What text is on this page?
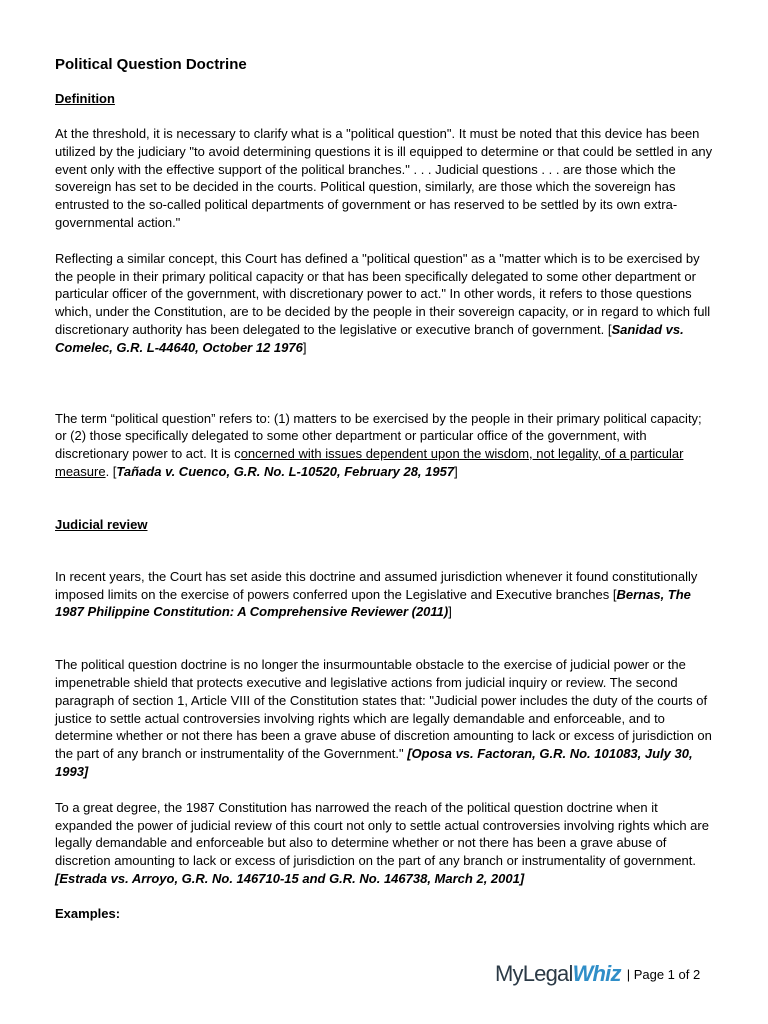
Political Question Doctrine
Definition

At the threshold, it is necessary to clarify what is a "political question". It must be noted that this device has been utilized by the judiciary "to avoid determining questions it is ill equipped to determine or that could be settled in any event only with the effective support of the political branches." . . . Judicial questions . . . are those which the sovereign has set to be decided in the courts. Political question, similarly, are those which the sovereign has entrusted to the so-called political departments of government or has reserved to be settled by its own extra-governmental action."

Reflecting a similar concept, this Court has defined a "political question" as a "matter which is to be exercised by the people in their primary political capacity or that has been specifically delegated to some other department or particular officer of the government, with discretionary power to act." In other words, it refers to those questions which, under the Constitution, are to be decided by the people in their sovereign capacity, or in regard to which full discretionary authority has been delegated to the legislative or executive branch of government. [Sanidad vs. Comelec, G.R. L-44640, October 12 1976]

The term “political question” refers to: (1) matters to be exercised by the people in their primary political capacity; or (2) those specifically delegated to some other department or particular office of the government, with discretionary power to act. It is concerned with issues dependent upon the wisdom, not legality, of a particular measure. [Tañada v. Cuenco, G.R. No. L-10520, February 28, 1957]

Judicial review

In recent years, the Court has set aside this doctrine and assumed jurisdiction whenever it found constitutionally imposed limits on the exercise of powers conferred upon the Legislative and Executive branches [Bernas, The 1987 Philippine Constitution: A Comprehensive Reviewer (2011)]

The political question doctrine is no longer the insurmountable obstacle to the exercise of judicial power or the impenetrable shield that protects executive and legislative actions from judicial inquiry or review. The second paragraph of section 1, Article VIII of the Constitution states that: "Judicial power includes the duty of the courts of justice to settle actual controversies involving rights which are legally demandable and enforceable, and to determine whether or not there has been a grave abuse of discretion amounting to lack or excess of jurisdiction on the part of any branch or instrumentality of the Government." [Oposa vs. Factoran, G.R. No. 101083, July 30, 1993]

To a great degree, the 1987 Constitution has narrowed the reach of the political question doctrine when it expanded the power of judicial review of this court not only to settle actual controversies involving rights which are legally demandable and enforceable but also to determine whether or not there has been a grave abuse of discretion amounting to lack or excess of jurisdiction on the part of any branch or instrumentality of government. [Estrada vs. Arroyo, G.R. No. 146710-15 and G.R. No. 146738, March 2, 2001]

Examples:
MyLegalWhiz | Page 1 of 2
